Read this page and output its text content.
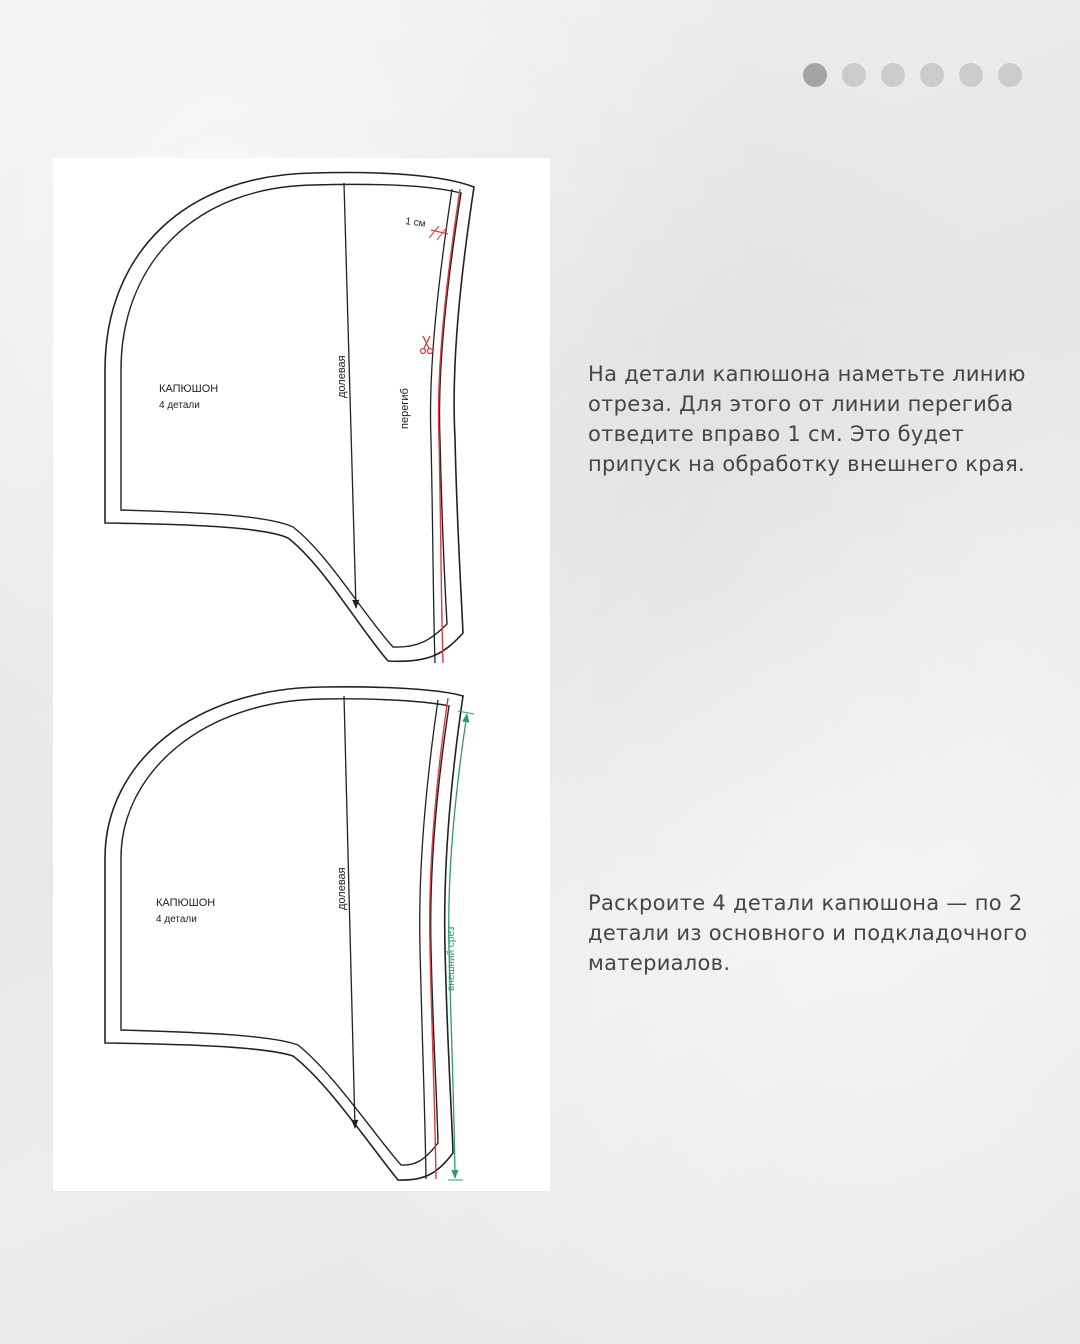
1 см
КАПЮШОН
4 детали
долевая
перегиб
КАПЮШОН
4 детали
долевая
внешний срез

На детали капюшона наметьте линию отреза. Для этого от линии перегиба отведите вправо 1 см. Это будет припуск на обработку внешнего края.

Раскроите 4 детали капюшона — по 2 детали из основного и подкладочного материалов.
